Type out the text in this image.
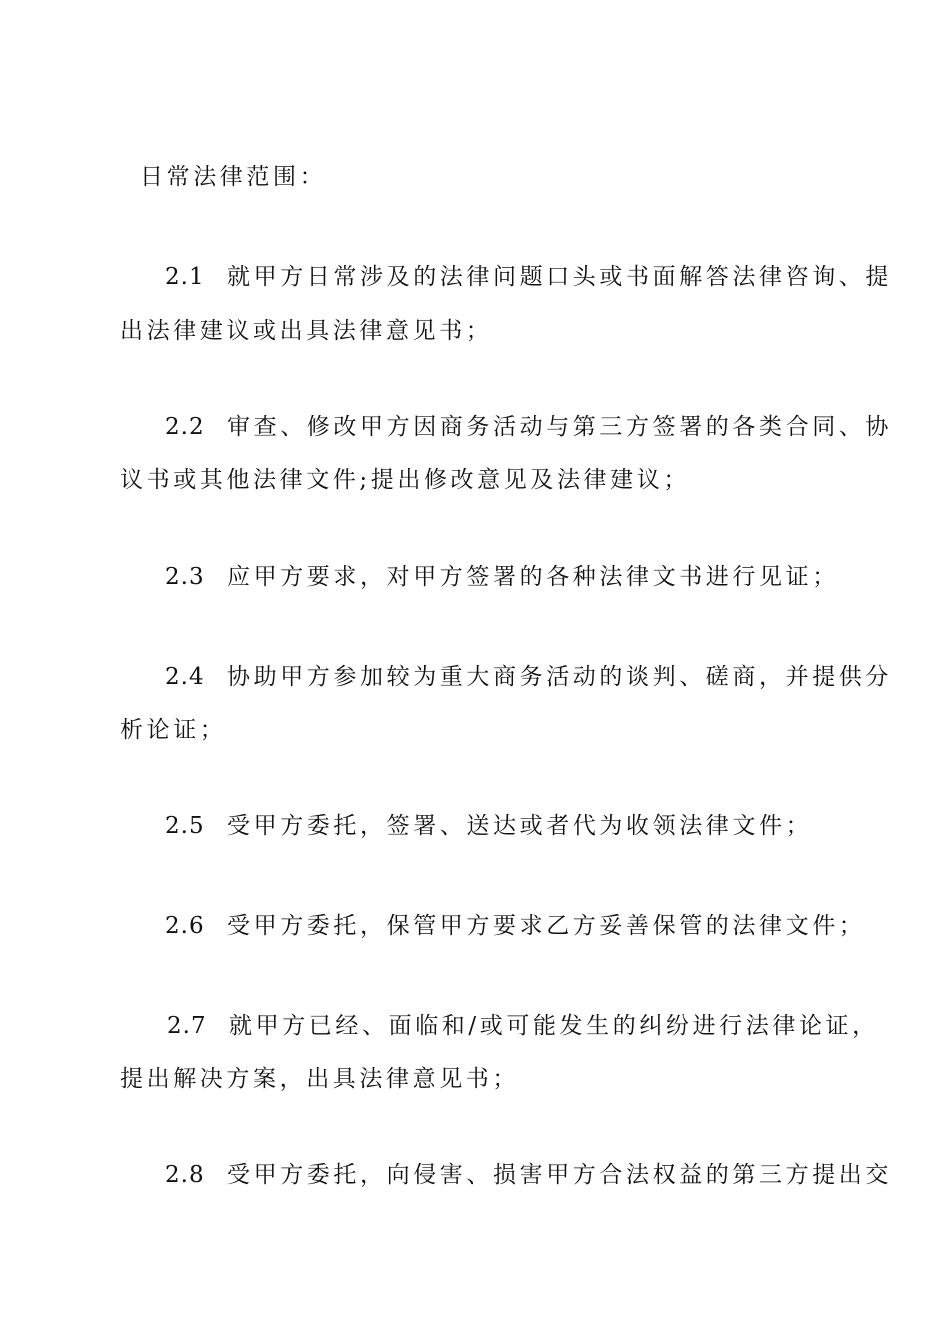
日常法律范围：
2.1 就甲方日常涉及的法律问题口头或书面解答法律咨询、提
出法律建议或出具法律意见书；
2.2 审查、修改甲方因商务活动与第三方签署的各类合同、协
议书或其他法律文件;提出修改意见及法律建议；
2.3 应甲方要求，对甲方签署的各种法律文书进行见证；
2.4 协助甲方参加较为重大商务活动的谈判、磋商，并提供分
析论证；
2.5 受甲方委托，签署、送达或者代为收领法律文件；
2.6 受甲方委托，保管甲方要求乙方妥善保管的法律文件；
2.7 就甲方已经、面临和/或可能发生的纠纷进行法律论证，
提出解决方案，出具法律意见书；
2.8 受甲方委托，向侵害、损害甲方合法权益的第三方提出交
